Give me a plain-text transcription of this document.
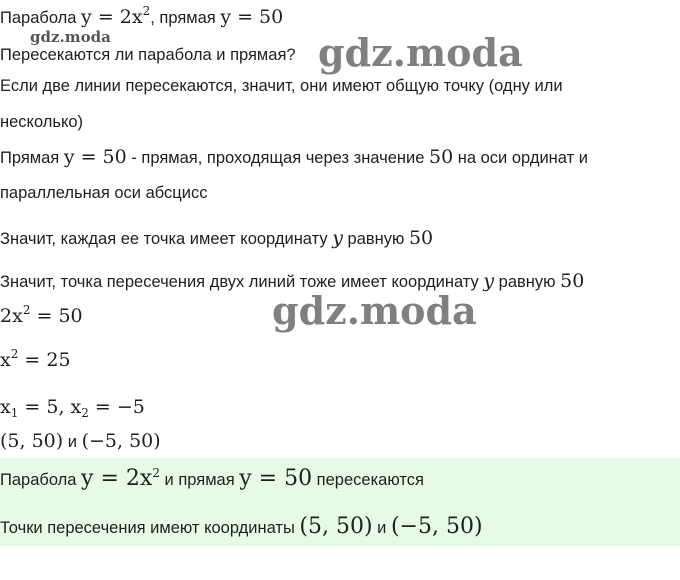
Парабола $y = 2x^2$, прямая y = 50
gdz.moda
Пересекаются ли парабола и прямая? gdz.moda
Если две линии пересекаются, значит, они имеют общую точку (одну или
несколько)
Прямая y = 50 - прямая, проходящая через значение 50 на оси ординат и
параллельная оси абсцисс
Значит, каждая ее точка имеет координату y равную 50
Значит, точка пересечения двух линий тоже имеет координату y равную 50
gdz.moda
$2x^2 = 50$
$x^2 = 25$
$x_1 = 5$, $x_2 = -5$
(5, 50) и (−5, 50)
Парабола $y = 2x^2$ и прямая y = 50 пересекаются
Точки пересечения имеют координаты (5, 50) и (−5, 50)
